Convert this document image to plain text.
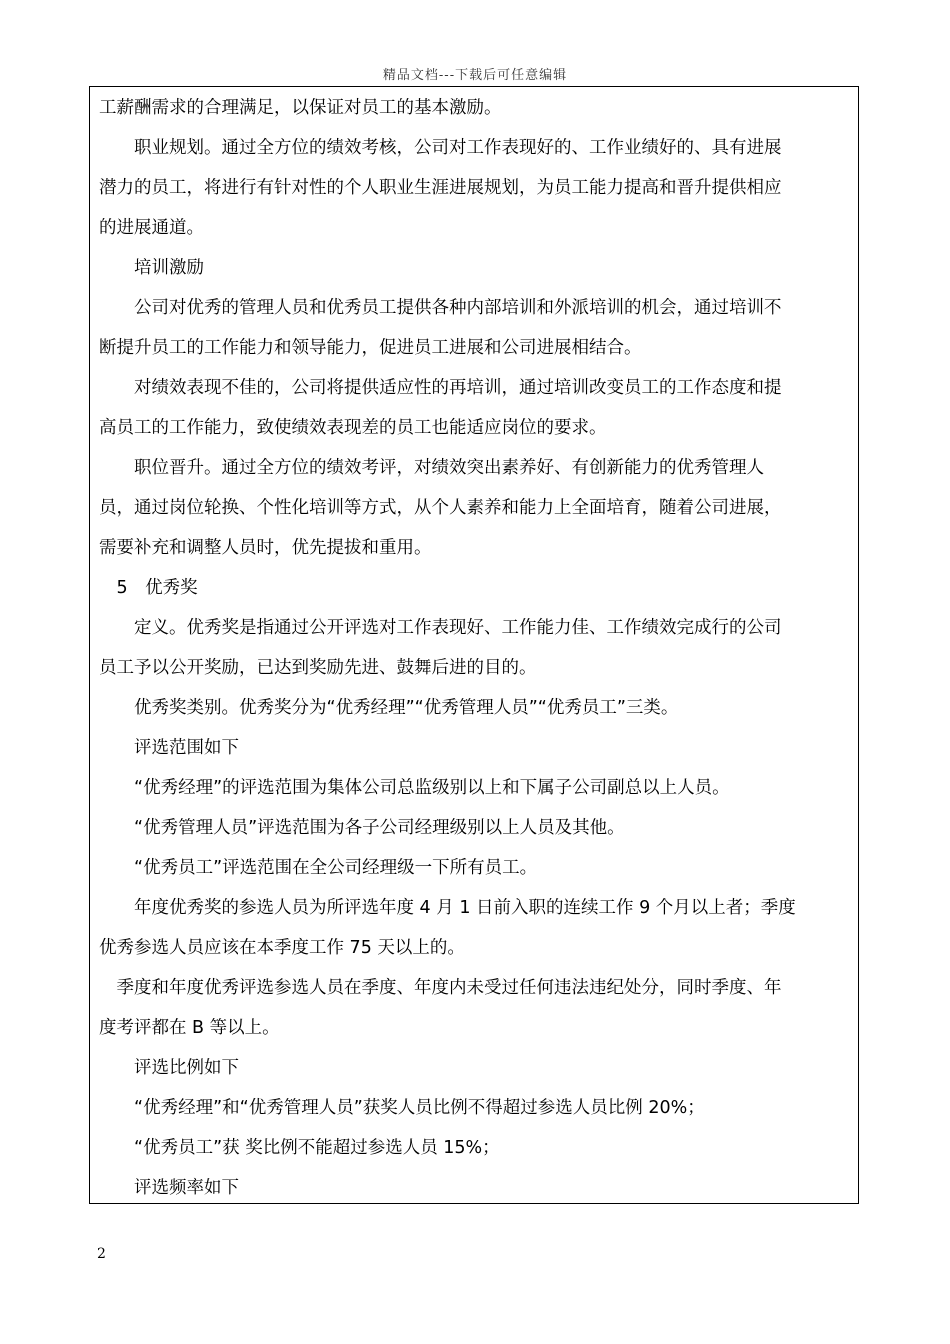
精品文档---下载后可任意编辑
工薪酬需求的合理满足，以保证对员工的基本激励。
　　职业规划。通过全方位的绩效考核，公司对工作表现好的、工作业绩好的、具有进展
潜力的员工，将进行有针对性的个人职业生涯进展规划，为员工能力提高和晋升提供相应
的进展通道。
　　培训激励
　　公司对优秀的管理人员和优秀员工提供各种内部培训和外派培训的机会，通过培训不
断提升员工的工作能力和领导能力，促进员工进展和公司进展相结合。
　　对绩效表现不佳的，公司将提供适应性的再培训，通过培训改变员工的工作态度和提
高员工的工作能力，致使绩效表现差的员工也能适应岗位的要求。
　　职位晋升。通过全方位的绩效考评，对绩效突出素养好、有创新能力的优秀管理人
员，通过岗位轮换、个性化培训等方式，从个人素养和能力上全面培育，随着公司进展，
需要补充和调整人员时，优先提拔和重用。
　5　优秀奖
　　定义。优秀奖是指通过公开评选对工作表现好、工作能力佳、工作绩效完成行的公司
员工予以公开奖励，已达到奖励先进、鼓舞后进的目的。
　　优秀奖类别。优秀奖分为“优秀经理”“优秀管理人员”“优秀员工”三类。
　　评选范围如下
　　“优秀经理”的评选范围为集体公司总监级别以上和下属子公司副总以上人员。
　　“优秀管理人员”评选范围为各子公司经理级别以上人员及其他。
　　“优秀员工”评选范围在全公司经理级一下所有员工。
　　年度优秀奖的参选人员为所评选年度 4 月 1 日前入职的连续工作 9 个月以上者；季度
优秀参选人员应该在本季度工作 75 天以上的。
　季度和年度优秀评选参选人员在季度、年度内未受过任何违法违纪处分，同时季度、年
度考评都在 B 等以上。
　　评选比例如下
　　“优秀经理”和“优秀管理人员”获奖人员比例不得超过参选人员比例 20%；
　　“优秀员工”获 奖比例不能超过参选人员 15%；
　　评选频率如下
2
